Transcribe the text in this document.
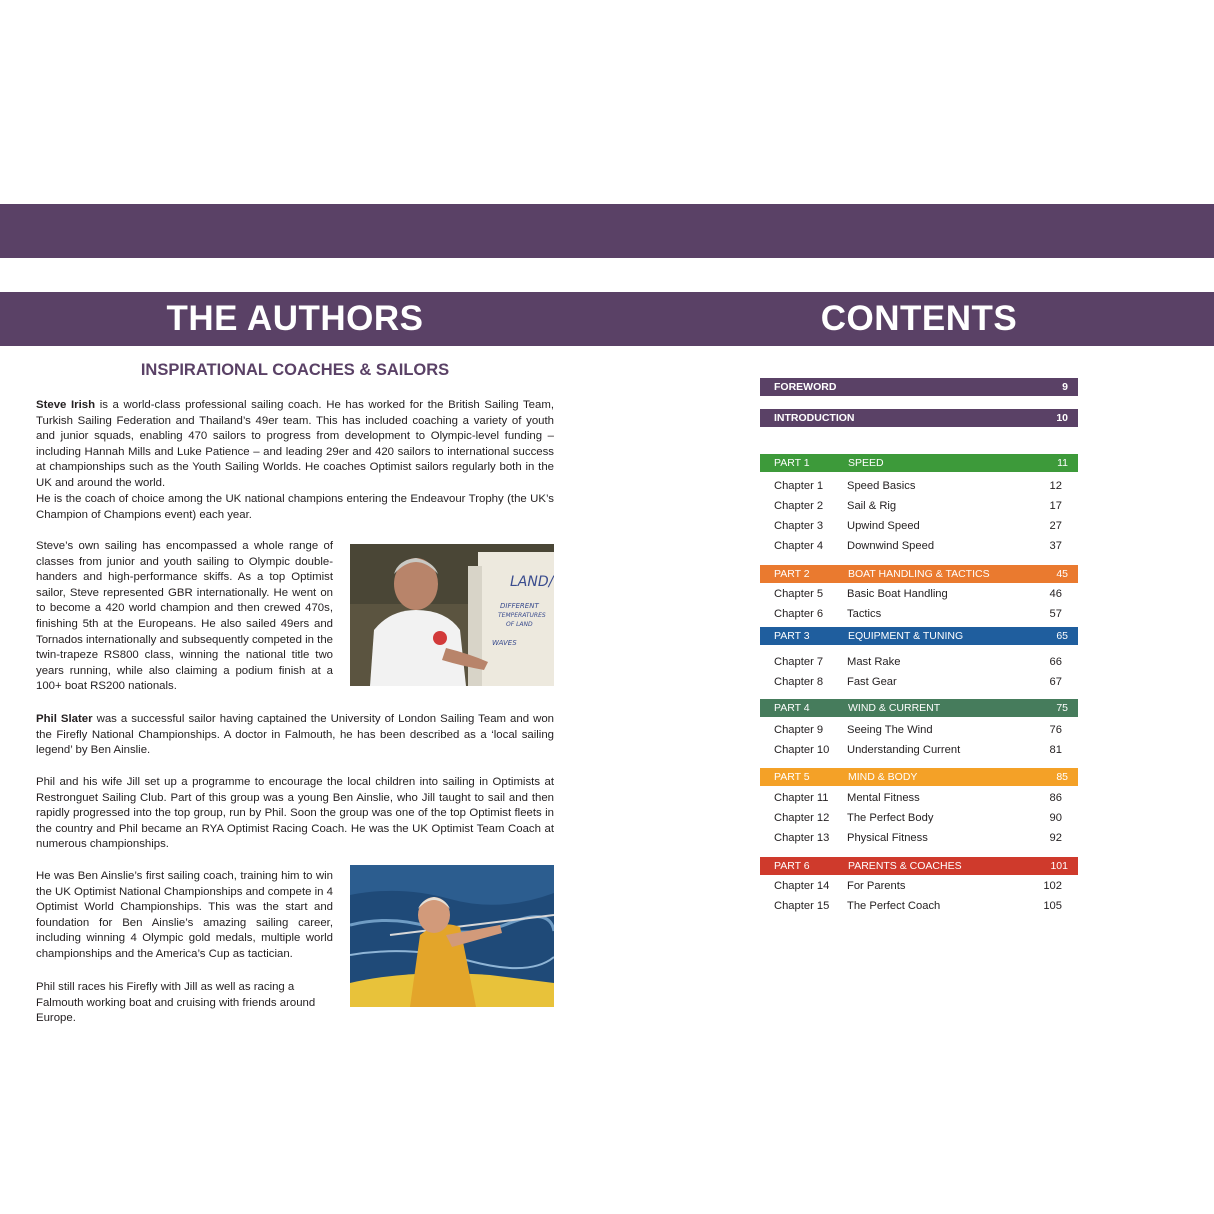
THE AUTHORS	CONTENTS
INSPIRATIONAL COACHES & SAILORS

Steve Irish is a world-class professional sailing coach. He has worked for the British Sailing Team, Turkish Sailing Federation and Thailand’s 49er team. This has included coaching a variety of youth and junior squads, enabling 470 sailors to progress from development to Olympic-level funding – including Hannah Mills and Luke Patience – and leading 29er and 420 sailors to international success at championships such as the Youth Sailing Worlds. He coaches Optimist sailors regularly both in the UK and around the world.

He is the coach of choice among the UK national champions entering the Endeavour Trophy (the UK’s Champion of Champions event) each year.

Steve’s own sailing has encompassed a whole range of classes from junior and youth sailing to Olympic double-handers and high-performance skiffs. As a top Optimist sailor, Steve represented GBR internationally. He went on to become a 420 world champion and then crewed 470s, finishing 5th at the Europeans. He also sailed 49ers and Tornados internationally and subsequently competed in the twin-trapeze RS800 class, winning the national title two years running, while also claiming a podium finish at a 100+ boat RS200 nationals.

LAND/
DIFFERENT
TEMPERATURES
OF LAND
WAVES

Phil Slater was a successful sailor having captained the University of London Sailing Team and won the Firefly National Championships. A doctor in Falmouth, he has been described as a ‘local sailing legend’ by Ben Ainslie.

Phil and his wife Jill set up a programme to encourage the local children into sailing in Optimists at Restronguet Sailing Club. Part of this group was a young Ben Ainslie, who Jill taught to sail and then rapidly progressed into the top group, run by Phil. Soon the group was one of the top Optimist fleets in the country and Phil became an RYA Optimist Racing Coach. He was the UK Optimist Team Coach at numerous championships.

He was Ben Ainslie’s first sailing coach, training him to win the UK Optimist National Championships and compete in 4 Optimist World Championships. This was the start and foundation for Ben Ainslie’s amazing sailing career, including winning 4 Olympic gold medals, multiple world championships and the America’s Cup as tactician.

Phil still races his Firefly with Jill as well as racing a Falmouth working boat and cruising with friends around Europe.

FOREWORD	9
INTRODUCTION	10
PART 1	SPEED	11
Chapter 1 Speed Basics	12
Chapter 2 Sail & Rig	17
Chapter 3 Upwind Speed	27
Chapter 4 Downwind Speed	37
PART 2	BOAT HANDLING & TACTICS	45
Chapter 5 Basic Boat Handling	46
Chapter 6 Tactics	57
PART 3	EQUIPMENT & TUNING	65
Chapter 7 Mast Rake	66
Chapter 8 Fast Gear	67
PART 4	WIND & CURRENT	75
Chapter 9 Seeing The Wind	76
Chapter 10 Understanding Current	81
PART 5	MIND & BODY	85
Chapter 11 Mental Fitness	86
Chapter 12 The Perfect Body	90
Chapter 13 Physical Fitness	92
PART 6	PARENTS & COACHES	101
Chapter 14 For Parents	102
Chapter 15 The Perfect Coach	105
